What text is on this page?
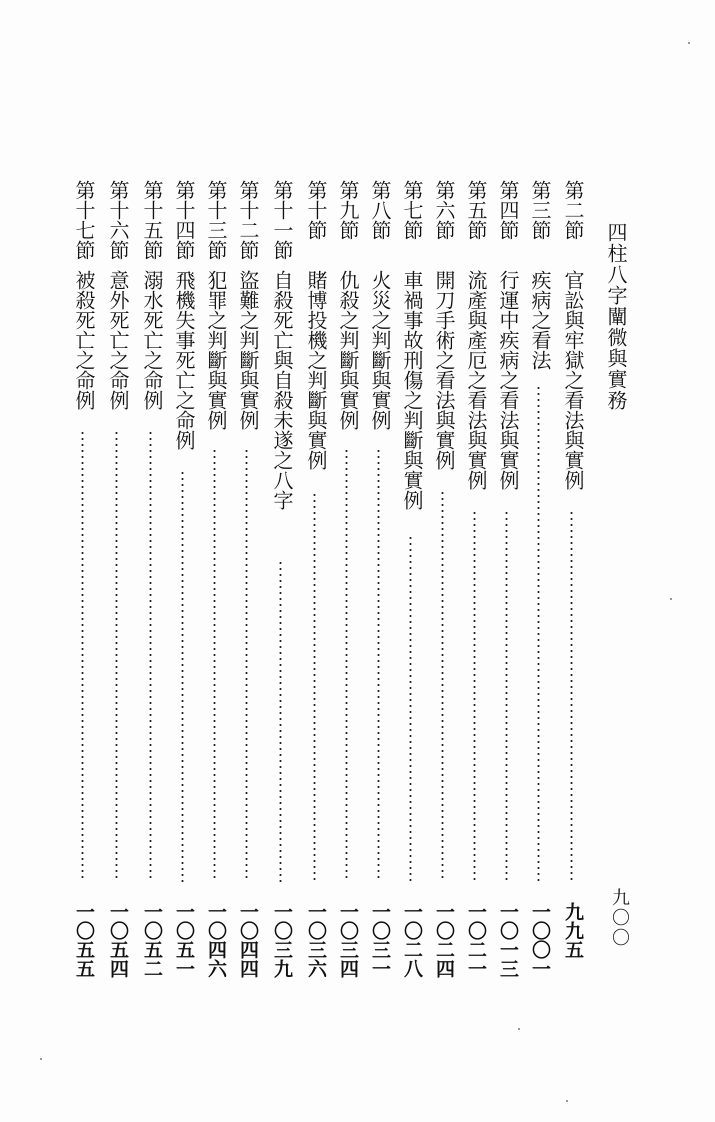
四柱八字闡微與實務
九〇〇
第二節
官訟與牢獄之看法與實例
九九五
第三節
疾病之看法
一〇〇一
第四節
行運中疾病之看法與實例
一〇一三
第五節
流產與產厄之看法與實例
一〇二一
第六節
開刀手術之看法與實例
一〇二四
第七節
車禍事故刑傷之判斷與實例
一〇二八
第八節
火災之判斷與實例
一〇三一
第九節
仇殺之判斷與實例
一〇三四
第十節
賭博投機之判斷與實例
一〇三六
第十一節
自殺死亡與自殺未遂之八字
一〇三九
第十二節
盜難之判斷與實例
一〇四四
第十三節
犯罪之判斷與實例
一〇四六
第十四節
飛機失事死亡之命例
一〇五一
第十五節
溺水死亡之命例
一〇五二
第十六節
意外死亡之命例
一〇五四
第十七節
被殺死亡之命例
一〇五五
